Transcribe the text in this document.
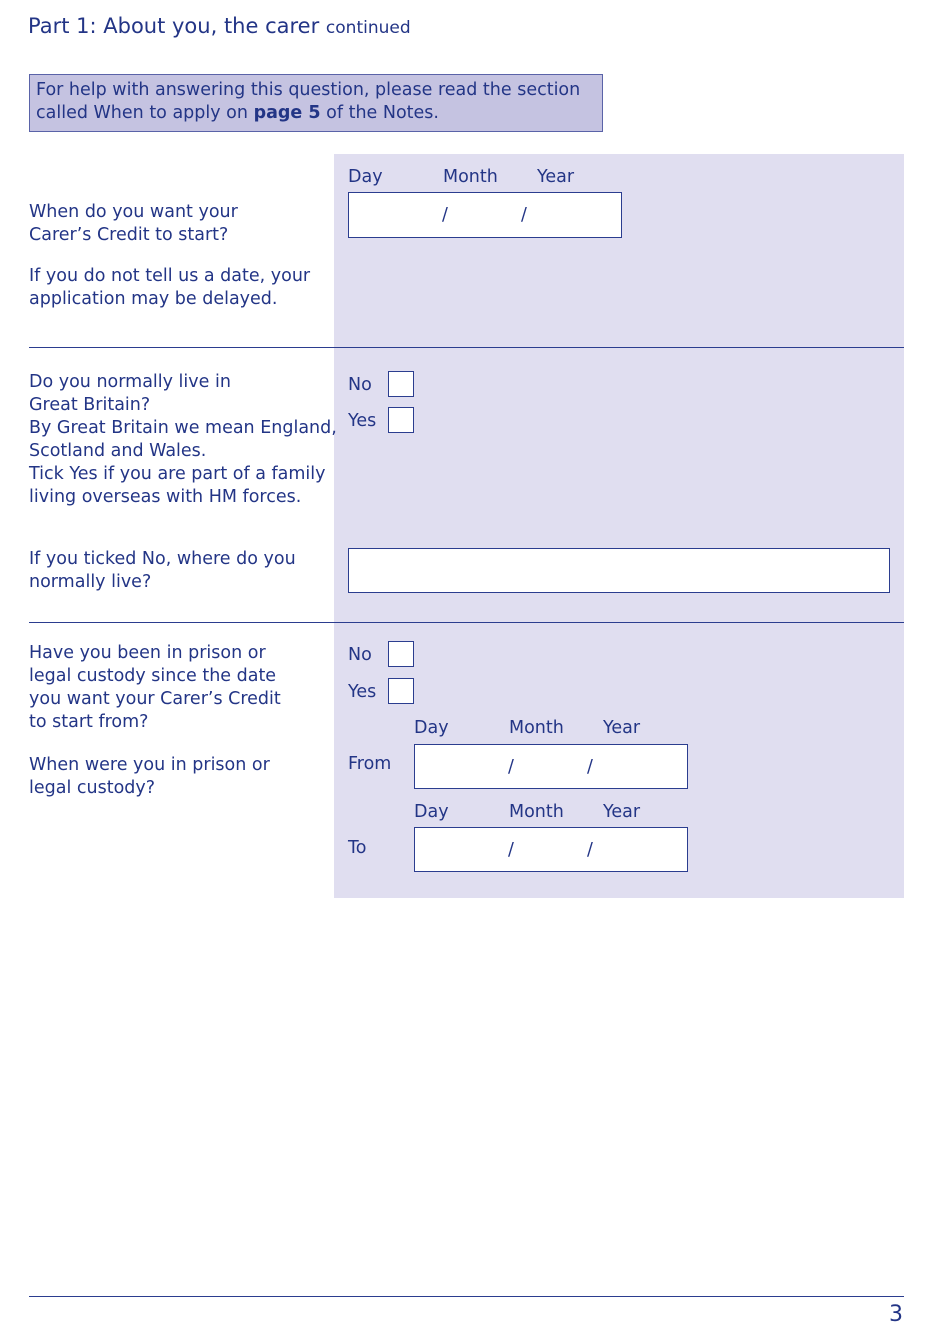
Part 1: About you, the carer continued
For help with answering this question, please read the section called When to apply on page 5 of the Notes.
When do you want your Carer’s Credit to start?
If you do not tell us a date, your application may be delayed.
Day	Month Year
/	/
Do you normally live in Great Britain?
By Great Britain we mean England, Scotland and Wales.
Tick Yes if you are part of a family living overseas with HM forces.
No
Yes
If you ticked No, where do you normally live?
Have you been in prison or legal custody since the date you want your Carer’s Credit to start from?
When were you in prison or legal custody?
No
Yes
Day	Month Year
From	/	/
Day	Month Year
To	/	/
3
